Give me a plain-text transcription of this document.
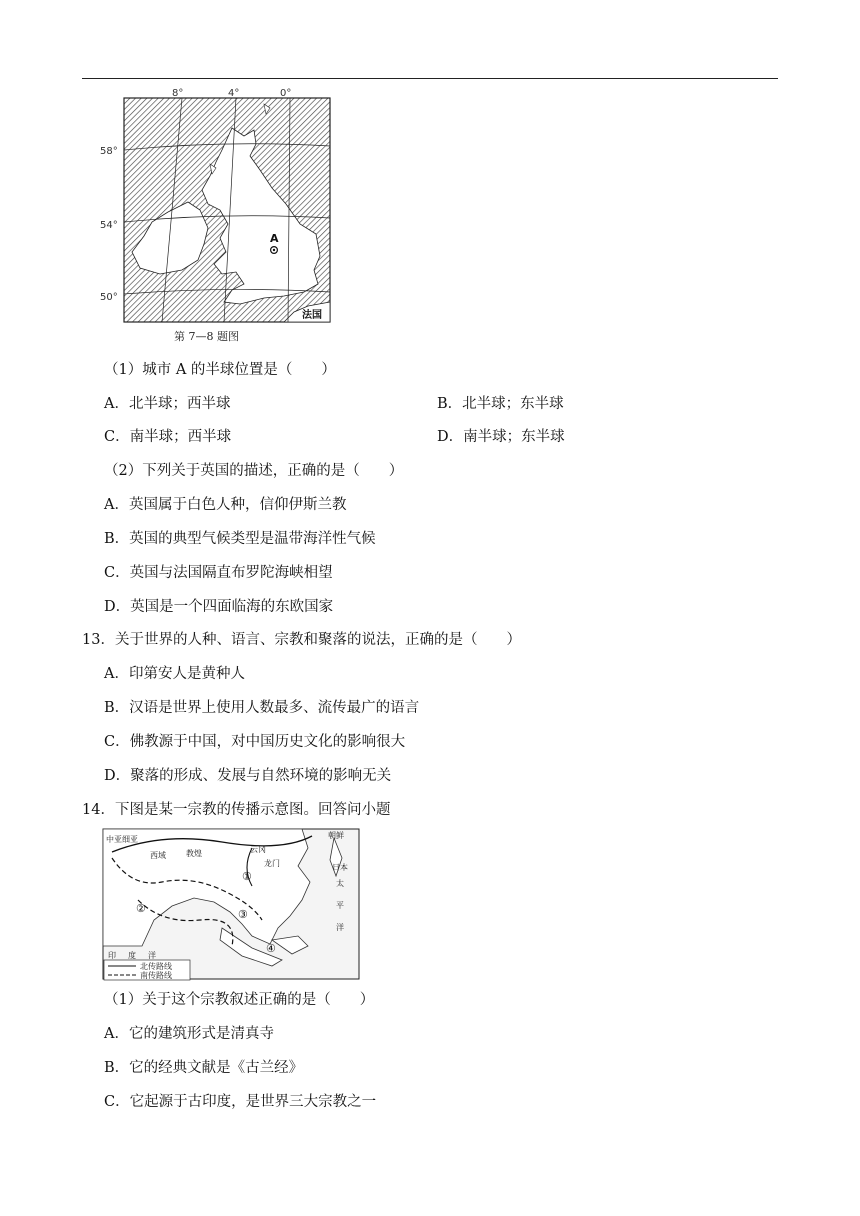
A
8°	4°	0°
58°
54°
50°
法国
第 7—8 题图
（1）城市 A 的半球位置是（　　）
A．北半球；西半球	B．北半球；东半球
C．南半球；西半球	D．南半球；东半球
（2）下列关于英国的描述，正确的是（　　）
A．英国属于白色人种，信仰伊斯兰教
B．英国的典型气候类型是温带海洋性气候
C．英国与法国隔直布罗陀海峡相望
D．英国是一个四面临海的东欧国家
13．关于世界的人种、语言、宗教和聚落的说法，正确的是（　　）
A．印第安人是黄种人
B．汉语是世界上使用人数最多、流传最广的语言
C．佛教源于中国，对中国历史文化的影响很大
D．聚落的形成、发展与自然环境的影响无关
14．下图是某一宗教的传播示意图。回答问小题
中亚细亚
西域	教煌	云冈
朝鲜
日本
龙门
太
平
洋
印 度 洋
①
②	③
④
北传路线
南传路线
（1）关于这个宗教叙述正确的是（　　）
A．它的建筑形式是清真寺
B．它的经典文献是《古兰经》
C．它起源于古印度，是世界三大宗教之一
